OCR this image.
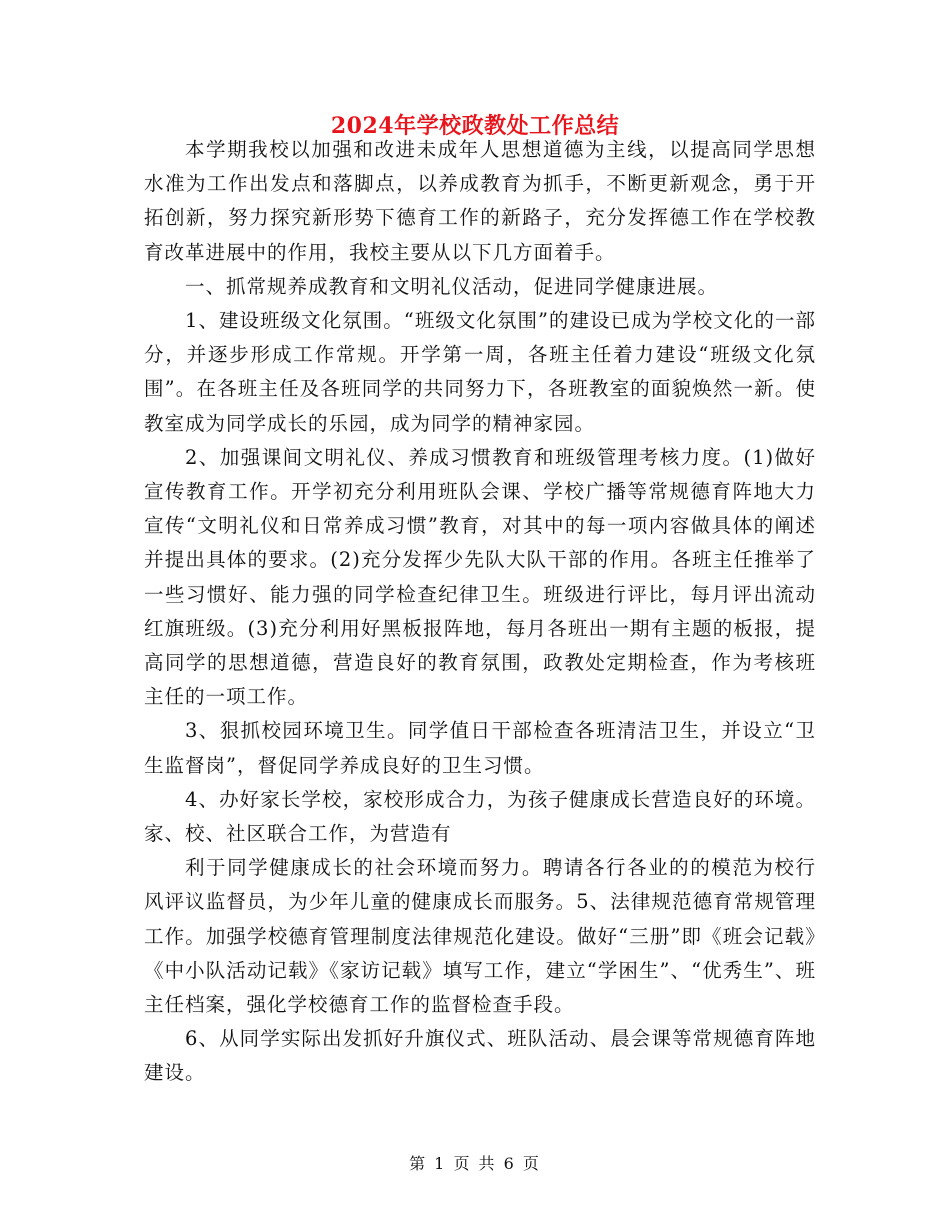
2024年学校政教处工作总结

本学期我校以加强和改进未成年人思想道德为主线，以提高同学思想水准为工作出发点和落脚点，以养成教育为抓手，不断更新观念，勇于开拓创新，努力探究新形势下德育工作的新路子，充分发挥德工作在学校教育改革进展中的作用，我校主要从以下几方面着手。

一、抓常规养成教育和文明礼仪活动，促进同学健康进展。

1、建设班级文化氛围。“班级文化氛围”的建设已成为学校文化的一部分，并逐步形成工作常规。开学第一周，各班主任着力建设“班级文化氛围”。在各班主任及各班同学的共同努力下，各班教室的面貌焕然一新。使教室成为同学成长的乐园，成为同学的精神家园。

2、加强课间文明礼仪、养成习惯教育和班级管理考核力度。(1)做好宣传教育工作。开学初充分利用班队会课、学校广播等常规德育阵地大力宣传“文明礼仪和日常养成习惯”教育，对其中的每一项内容做具体的阐述并提出具体的要求。(2)充分发挥少先队大队干部的作用。各班主任推举了一些习惯好、能力强的同学检查纪律卫生。班级进行评比，每月评出流动红旗班级。(3)充分利用好黑板报阵地，每月各班出一期有主题的板报，提高同学的思想道德，营造良好的教育氛围，政教处定期检查，作为考核班主任的一项工作。

3、狠抓校园环境卫生。同学值日干部检查各班清洁卫生，并设立“卫生监督岗”，督促同学养成良好的卫生习惯。

4、办好家长学校，家校形成合力，为孩子健康成长营造良好的环境。家、校、社区联合工作，为营造有

利于同学健康成长的社会环境而努力。聘请各行各业的的模范为校行风评议监督员，为少年儿童的健康成长而服务。5、法律规范德育常规管理工作。加强学校德育管理制度法律规范化建设。做好“三册”即《班会记载》《中小队活动记载》《家访记载》填写工作，建立“学困生”、“优秀生”、班主任档案，强化学校德育工作的监督检查手段。

6、从同学实际出发抓好升旗仪式、班队活动、晨会课等常规德育阵地建设。

第 1 页 共 6 页
